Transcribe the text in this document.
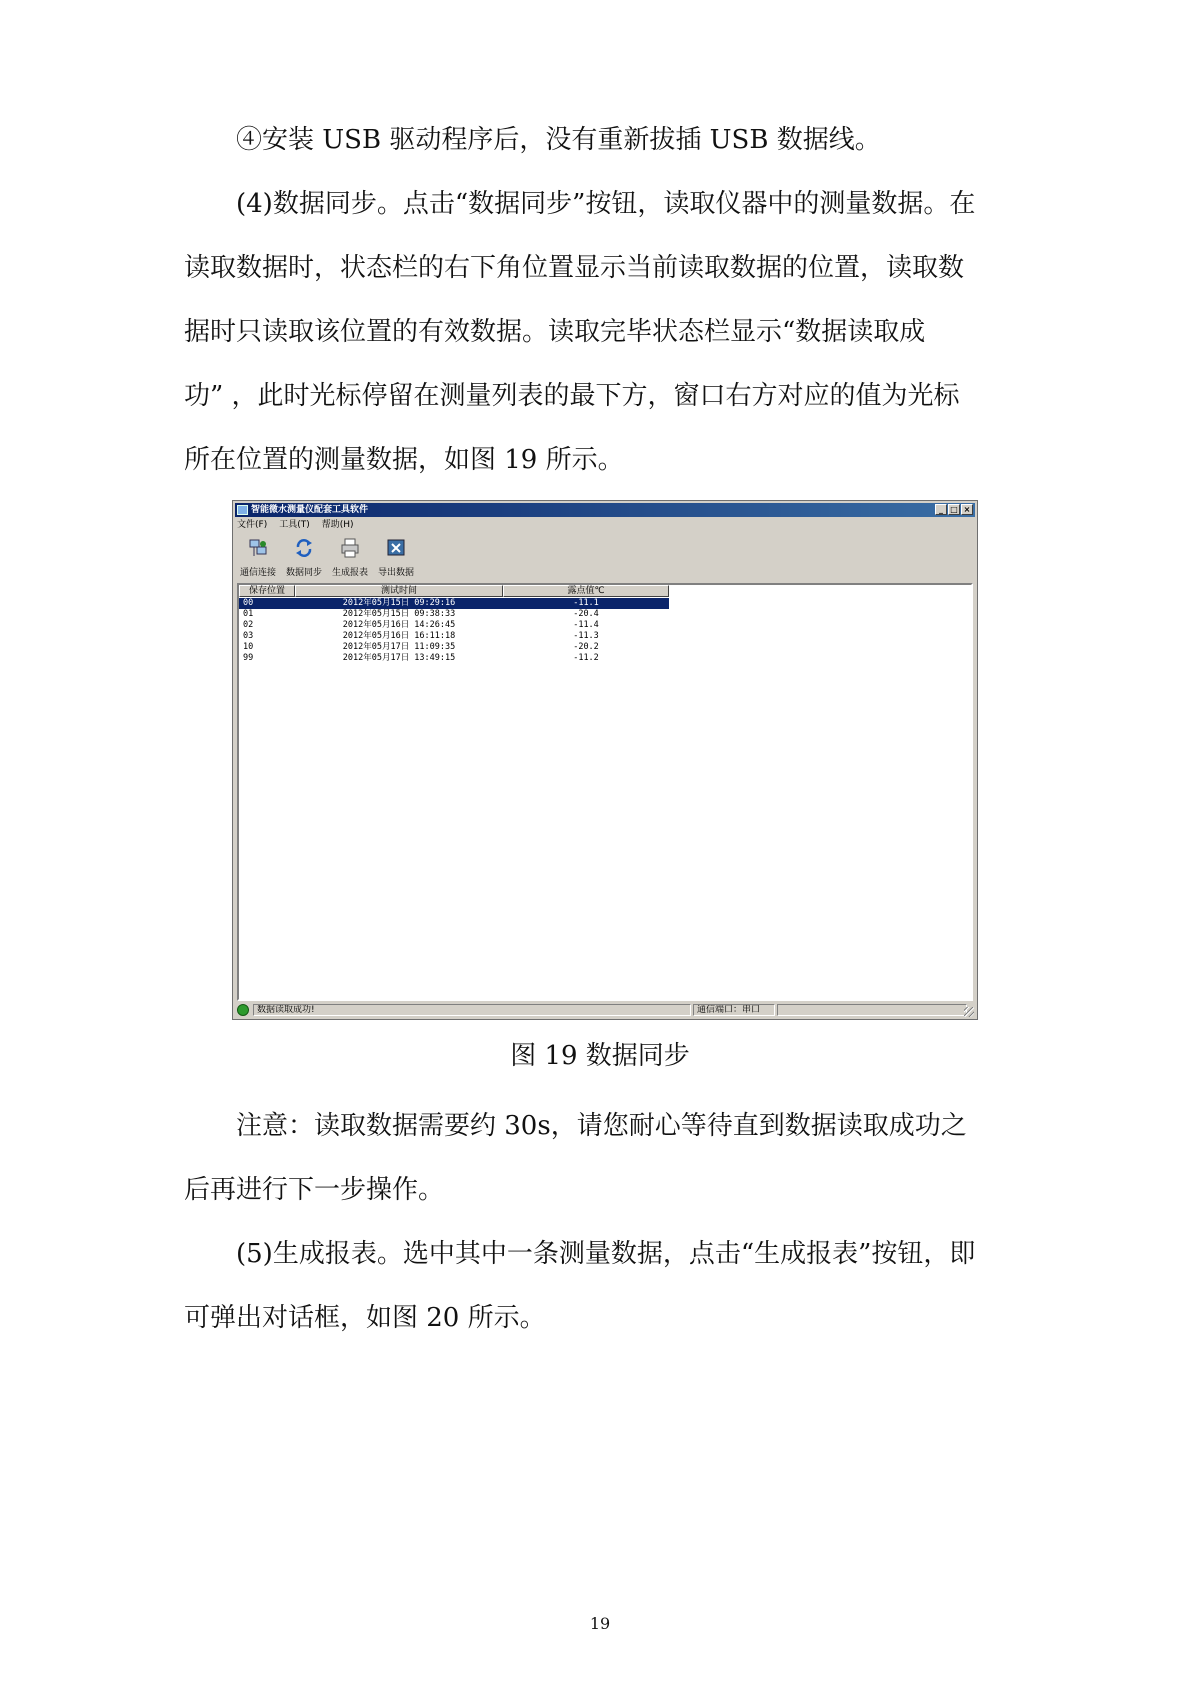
④安装 USB 驱动程序后，没有重新拔插 USB 数据线。

(4)数据同步。点击“数据同步”按钮，读取仪器中的测量数据。在
读取数据时，状态栏的右下角位置显示当前读取数据的位置，读取数
据时只读取该位置的有效数据。读取完毕状态栏显示“数据读取成
功” ，此时光标停留在测量列表的最下方，窗口右方对应的值为光标
所在位置的测量数据，如图 19 所示。

智能微水测量仪配套工具软件	_ □ ×
文件(F) 工具(T) 帮助(H)
通信连接	数据同步	生成报表	导出数据
保存位置	测试时间	露点值℃
00	2012年05月15日 09:29:16	-11.1
01	2012年05月15日 09:38:33	-20.4
02	2012年05月16日 14:26:45	-11.4
03	2012年05月16日 16:11:18	-11.3
10	2012年05月17日 11:09:35	-20.2
99	2012年05月17日 13:49:15	-11.2
数据读取成功!	通信端口：串口
图 19 数据同步

注意：读取数据需要约 30s，请您耐心等待直到数据读取成功之
后再进行下一步操作。

(5)生成报表。选中其中一条测量数据，点击“生成报表”按钮，即
可弹出对话框，如图 20 所示。

19
